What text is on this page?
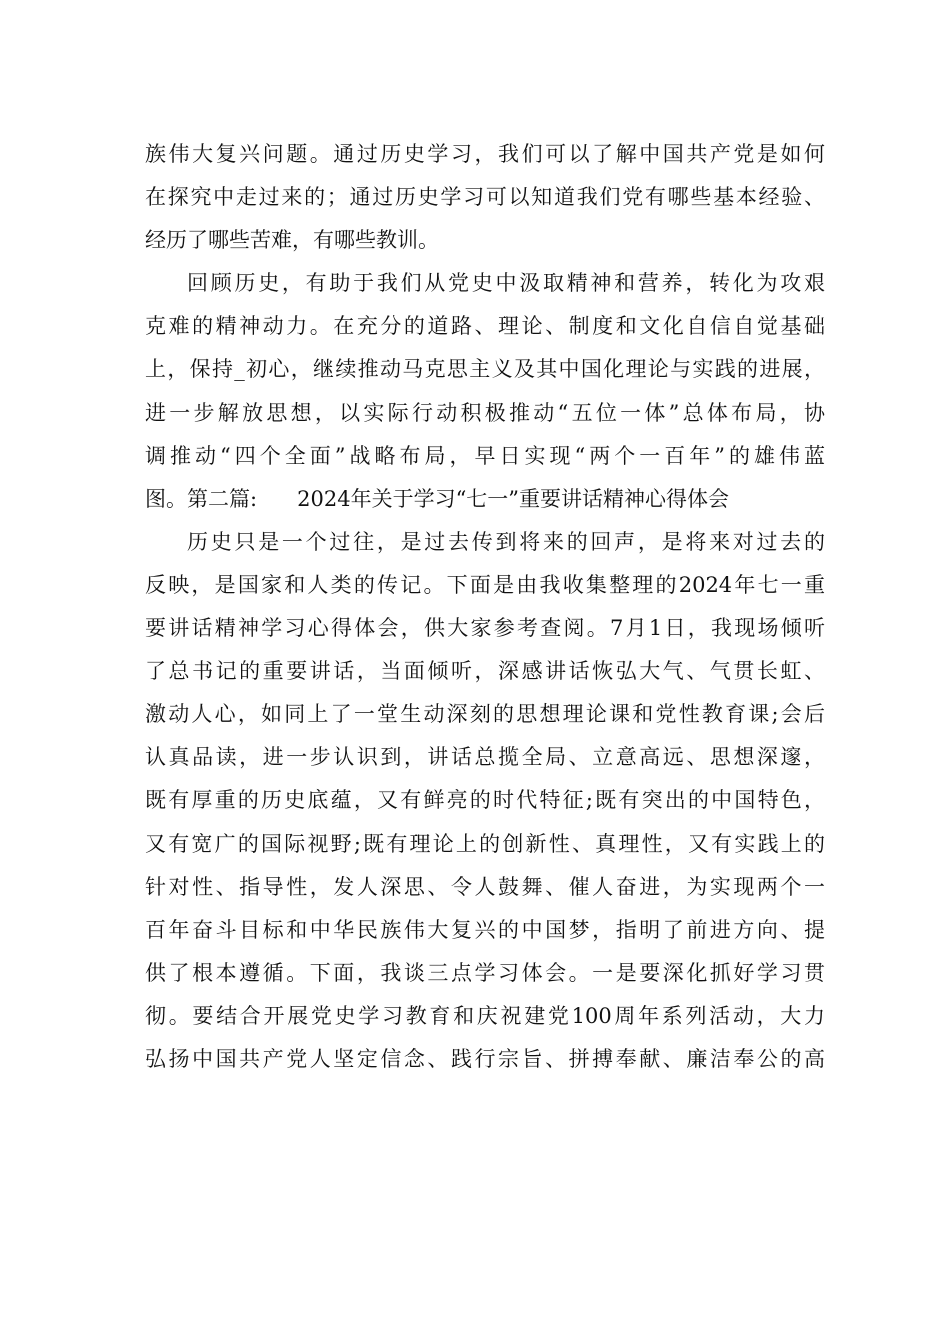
族伟大复兴问题。通过历史学习，我们可以了解中国共产党是如何
在探究中走过来的；通过历史学习可以知道我们党有哪些基本经验、
经历了哪些苦难，有哪些教训。
回顾历史，有助于我们从党史中汲取精神和营养，转化为攻艰
克难的精神动力。在充分的道路、理论、制度和文化自信自觉基础
上，保持_初心，继续推动马克思主义及其中国化理论与实践的进展，
进一步解放思想，以实际行动积极推动“五位一体”总体布局，协
调推动“四个全面”战略布局，早日实现“两个一百年”的雄伟蓝
图。第二篇:      2024年关于学习“七一”重要讲话精神心得体会
历史只是一个过往，是过去传到将来的回声，是将来对过去的
反映，是国家和人类的传记。下面是由我收集整理的2024年七一重
要讲话精神学习心得体会，供大家参考查阅。7月1日，我现场倾听
了总书记的重要讲话，当面倾听，深感讲话恢弘大气、气贯长虹、
激动人心，如同上了一堂生动深刻的思想理论课和党性教育课;会后
认真品读，进一步认识到，讲话总揽全局、立意高远、思想深邃，
既有厚重的历史底蕴，又有鲜亮的时代特征;既有突出的中国特色，
又有宽广的国际视野;既有理论上的创新性、真理性，又有实践上的
针对性、指导性，发人深思、令人鼓舞、催人奋进，为实现两个一
百年奋斗目标和中华民族伟大复兴的中国梦，指明了前进方向、提
供了根本遵循。下面，我谈三点学习体会。一是要深化抓好学习贯
彻。要结合开展党史学习教育和庆祝建党100周年系列活动，大力
弘扬中国共产党人坚定信念、践行宗旨、拼搏奉献、廉洁奉公的高
